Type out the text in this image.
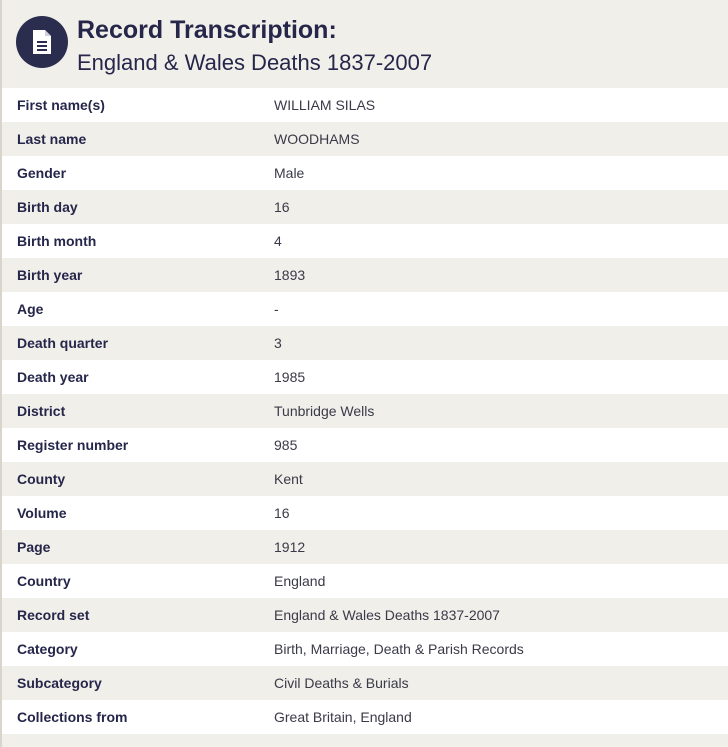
Record Transcription:
England & Wales Deaths 1837-2007
First name(s)	WILLIAM SILAS
Last name	WOODHAMS
Gender	Male
Birth day	16
Birth month	4
Birth year	1893
Age	-
Death quarter	3
Death year	1985
District	Tunbridge Wells
Register number	985
County	Kent
Volume	16
Page	1912
Country	England
Record set	England & Wales Deaths 1837-2007
Category	Birth, Marriage, Death & Parish Records
Subcategory	Civil Deaths & Burials
Collections from	Great Britain, England
